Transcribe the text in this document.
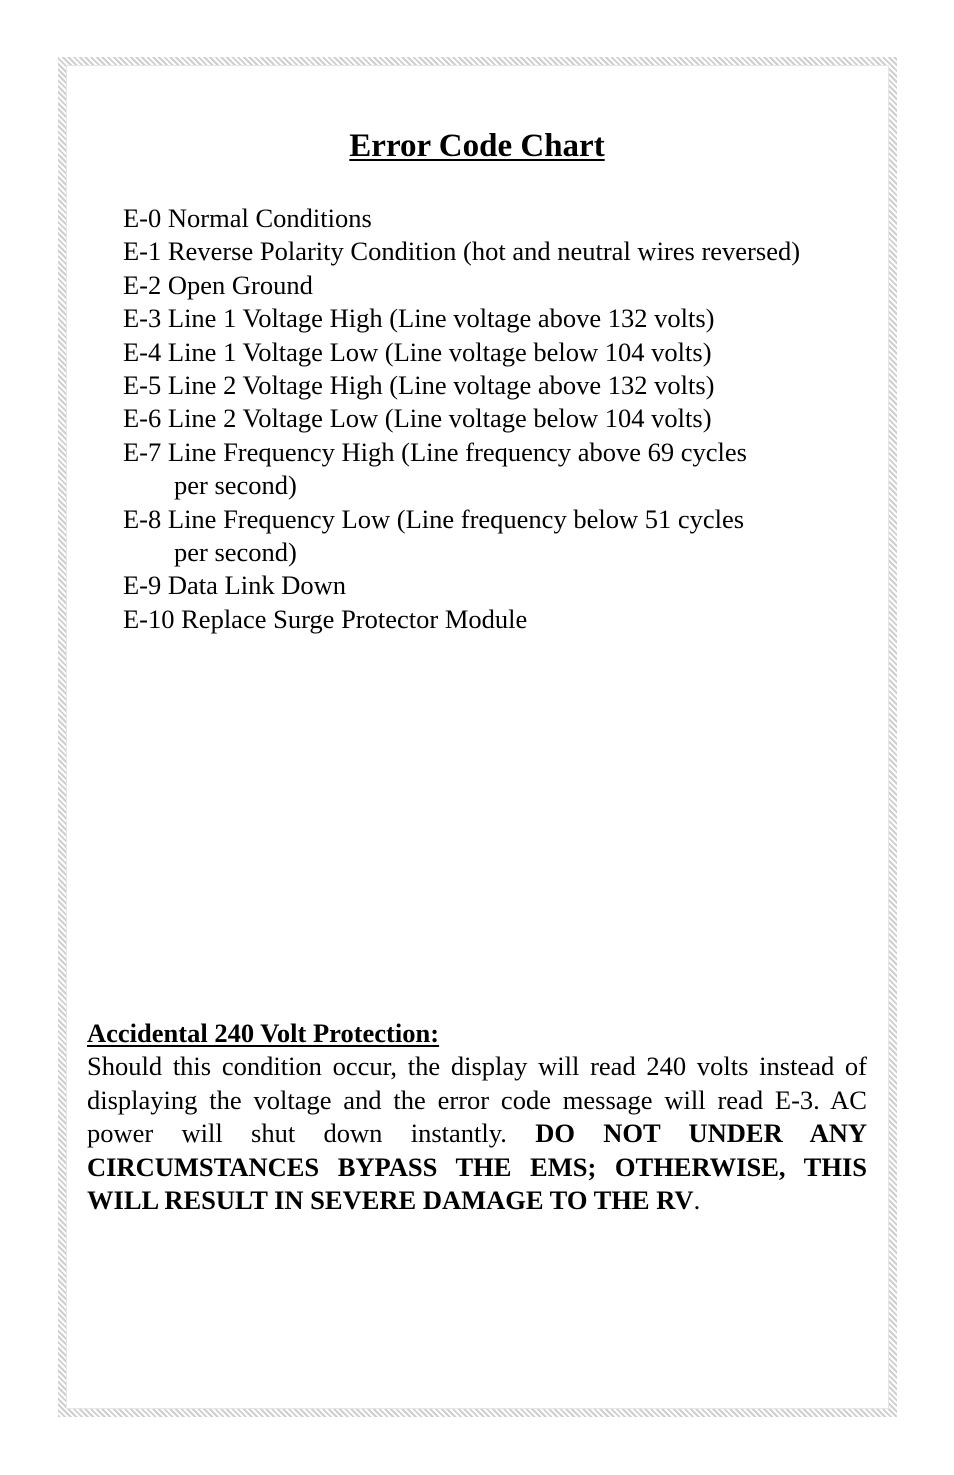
Error Code Chart
E-0 Normal Conditions
E-1 Reverse Polarity Condition (hot and neutral wires reversed)
E-2 Open Ground
E-3 Line 1 Voltage High (Line voltage above 132 volts)
E-4 Line 1 Voltage Low (Line voltage below 104 volts)
E-5 Line 2 Voltage High (Line voltage above 132 volts)
E-6 Line 2 Voltage Low (Line voltage below 104 volts)
E-7 Line Frequency High (Line frequency above 69 cycles
per second)
E-8 Line Frequency Low (Line frequency below 51 cycles
per second)
E-9 Data Link Down
E-10 Replace Surge Protector Module
Accidental 240 Volt Protection:

Should this condition occur, the display will read 240 volts instead of displaying the voltage and the error code message will read E-3. AC power will shut down instantly. DO NOT UNDER ANY CIRCUMSTANCES BYPASS THE EMS; OTHERWISE, THIS WILL RESULT IN SEVERE DAMAGE TO THE RV.
